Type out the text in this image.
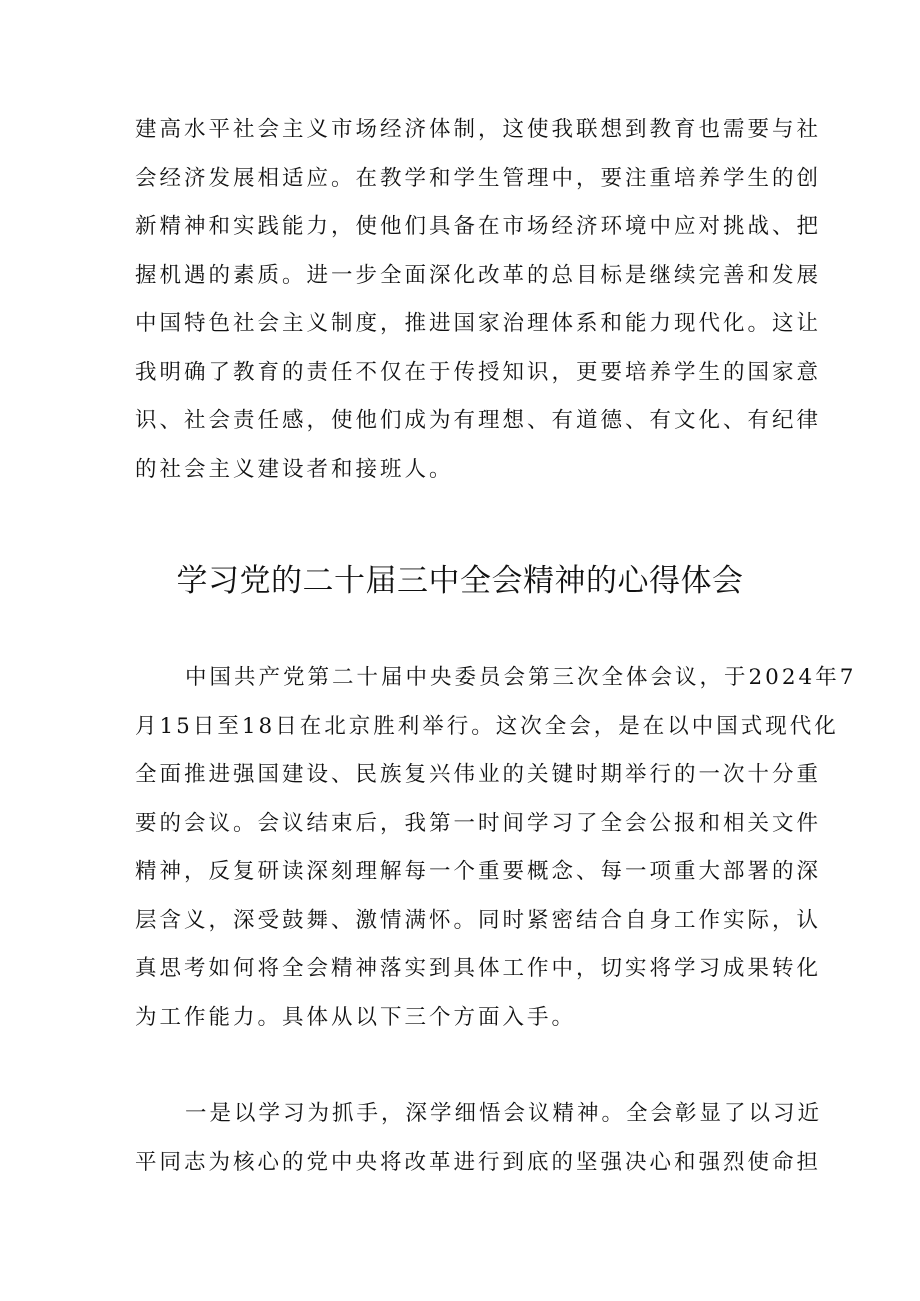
建高水平社会主义市场经济体制，这使我联想到教育也需要与社
会经济发展相适应。在教学和学生管理中，要注重培养学生的创
新精神和实践能力，使他们具备在市场经济环境中应对挑战、把
握机遇的素质。进一步全面深化改革的总目标是继续完善和发展
中国特色社会主义制度，推进国家治理体系和能力现代化。这让
我明确了教育的责任不仅在于传授知识，更要培养学生的国家意
识、社会责任感，使他们成为有理想、有道德、有文化、有纪律
的社会主义建设者和接班人。
学习党的二十届三中全会精神的心得体会
中国共产党第二十届中央委员会第三次全体会议，于2024年7
月15日至18日在北京胜利举行。这次全会，是在以中国式现代化
全面推进强国建设、民族复兴伟业的关键时期举行的一次十分重
要的会议。会议结束后，我第一时间学习了全会公报和相关文件
精神，反复研读深刻理解每一个重要概念、每一项重大部署的深
层含义，深受鼓舞、激情满怀。同时紧密结合自身工作实际，认
真思考如何将全会精神落实到具体工作中，切实将学习成果转化
为工作能力。具体从以下三个方面入手。
一是以学习为抓手，深学细悟会议精神。全会彰显了以习近
平同志为核心的党中央将改革进行到底的坚强决心和强烈使命担
